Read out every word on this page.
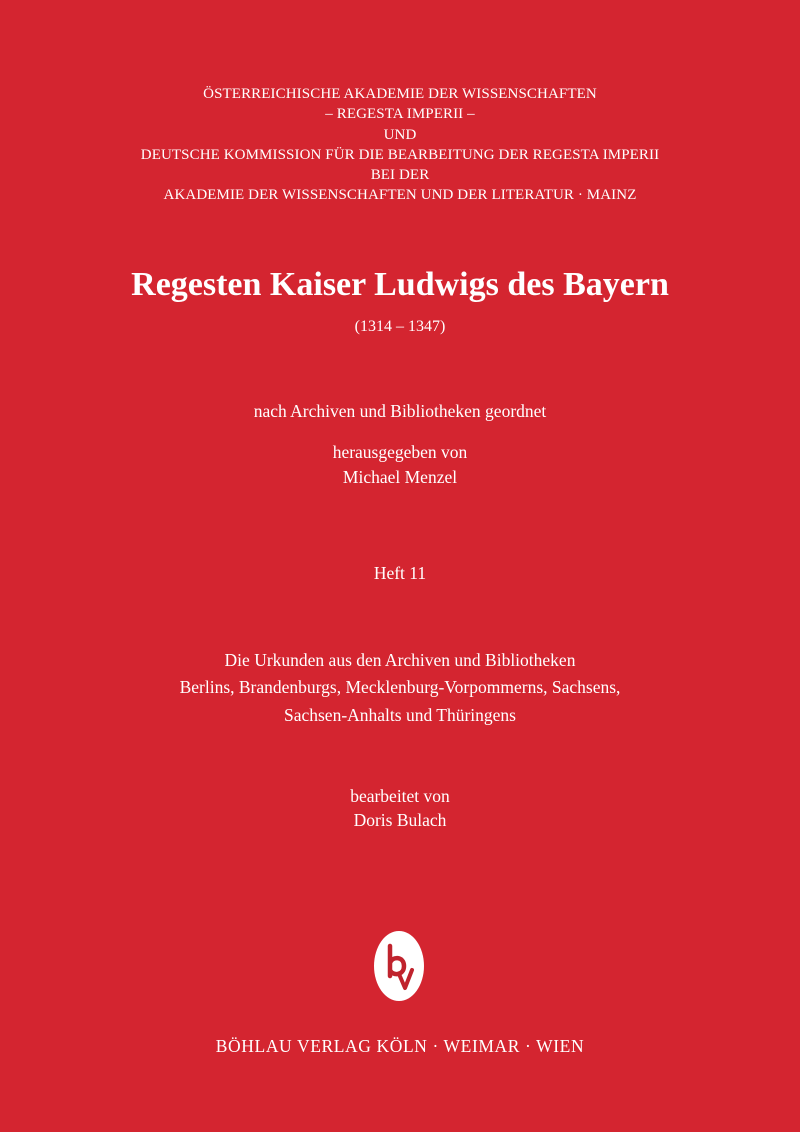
ÖSTERREICHISCHE AKADEMIE DER WISSENSCHAFTEN
– REGESTA IMPERII –
UND
DEUTSCHE KOMMISSION FÜR DIE BEARBEITUNG DER REGESTA IMPERII
BEI DER
AKADEMIE DER WISSENSCHAFTEN UND DER LITERATUR · MAINZ
Regesten Kaiser Ludwigs des Bayern
(1314 – 1347)
nach Archiven und Bibliotheken geordnet
herausgegeben von
Michael Menzel
Heft 11
Die Urkunden aus den Archiven und Bibliotheken
Berlins, Brandenburgs, Mecklenburg-Vorpommerns, Sachsens,
Sachsen-Anhalts und Thüringens
bearbeitet von
Doris Bulach
BÖHLAU VERLAG KÖLN · WEIMAR · WIEN
